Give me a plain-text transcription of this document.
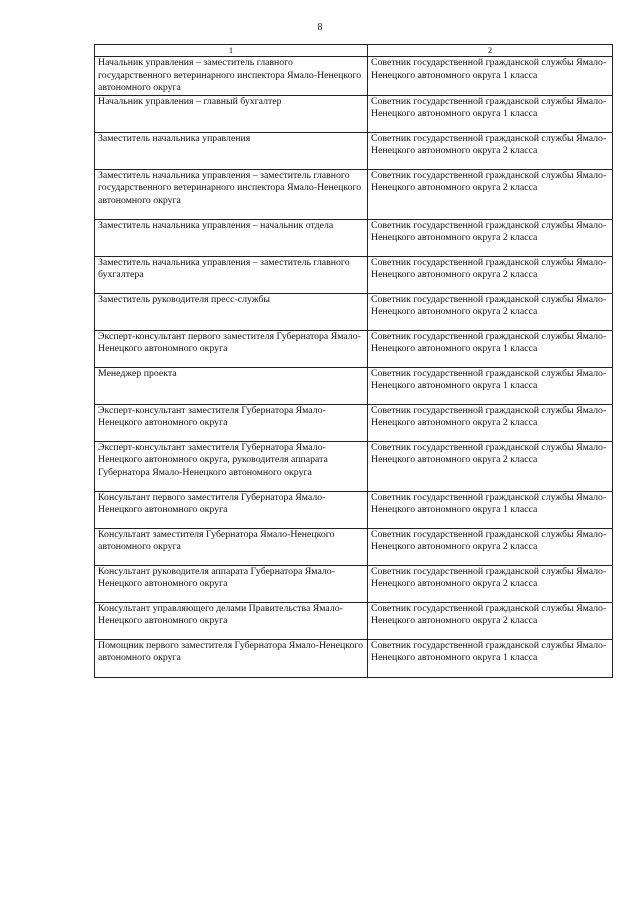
8
1	2
Начальник управления – заместитель главного государственного ветеринарного инспектора Ямало-Ненецкого автономного округа	Советник государственной гражданской службы Ямало-Ненецкого автономного округа 1 класса
Начальник управления – главный бухгалтер	Советник государственной гражданской службы Ямало-Ненецкого автономного округа 1 класса
Заместитель начальника управления	Советник государственной гражданской службы Ямало-Ненецкого автономного округа 2 класса
Заместитель начальника управления – заместитель главного государственного ветеринарного инспектора Ямало-Ненецкого автономного округа	Советник государственной гражданской службы Ямало-Ненецкого автономного округа 2 класса
Заместитель начальника управления – начальник отдела	Советник государственной гражданской службы Ямало-Ненецкого автономного округа 2 класса
Заместитель начальника управления – заместитель главного бухгалтера	Советник государственной гражданской службы Ямало-Ненецкого автономного округа 2 класса
Заместитель руководителя пресс-службы	Советник государственной гражданской службы Ямало-Ненецкого автономного округа 2 класса
Эксперт-консультант первого заместителя Губернатора Ямало-Ненецкого автономного округа	Советник государственной гражданской службы Ямало-Ненецкого автономного округа 1 класса
Менеджер проекта	Советник государственной гражданской службы Ямало-Ненецкого автономного округа 1 класса
Эксперт-консультант заместителя Губернатора Ямало-Ненецкого автономного округа	Советник государственной гражданской службы Ямало-Ненецкого автономного округа 2 класса
Эксперт-консультант заместителя Губернатора Ямало-Ненецкого автономного округа, руководителя аппарата Губернатора Ямало-Ненецкого автономного округа	Советник государственной гражданской службы Ямало-Ненецкого автономного округа 2 класса
Консультант первого заместителя Губернатора Ямало-Ненецкого автономного округа	Советник государственной гражданской службы Ямало-Ненецкого автономного округа 1 класса
Консультант заместителя Губернатора Ямало-Ненецкого автономного округа	Советник государственной гражданской службы Ямало-Ненецкого автономного округа 2 класса
Консультант руководителя аппарата Губернатора Ямало-Ненецкого автономного округа	Советник государственной гражданской службы Ямало-Ненецкого автономного округа 2 класса
Консультант управляющего делами Правительства Ямало-Ненецкого автономного округа	Советник государственной гражданской службы Ямало-Ненецкого автономного округа 2 класса
Помощник первого заместителя Губернатора Ямало-Ненецкого автономного округа	Советник государственной гражданской службы Ямало-Ненецкого автономного округа 1 класса
